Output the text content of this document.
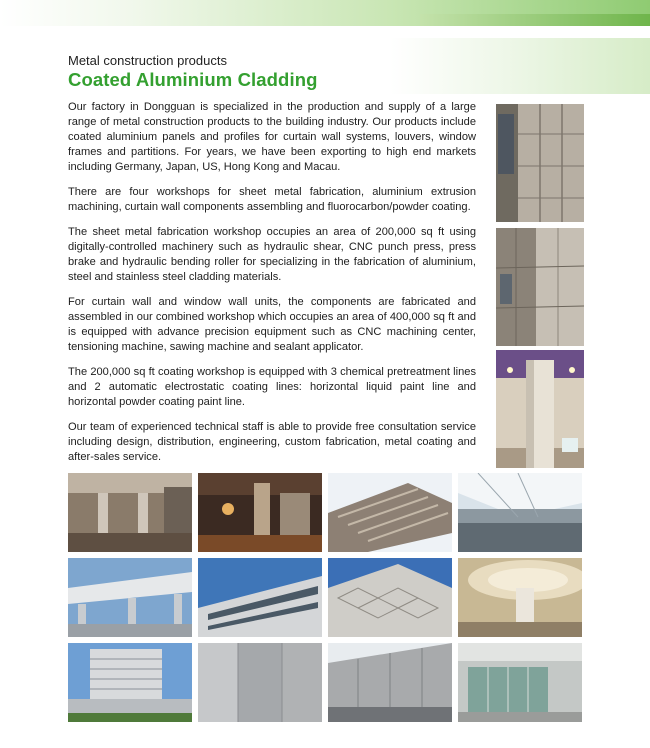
Metal construction products
Coated Aluminium Cladding

Our factory in Dongguan is specialized in the production and supply of a large range of metal construction products to the building industry. Our products include coated aluminium panels and profiles for curtain wall systems, louvers, window frames and partitions. For years, we have been exporting to high end markets including Germany, Japan, US, Hong Kong and Macau.

There are four workshops for sheet metal fabrication, aluminium extrusion machining, curtain wall components assembling and fluorocarbon/powder coating.

The sheet metal fabrication workshop occupies an area of 200,000 sq ft using digitally-controlled machinery such as hydraulic shear, CNC punch press, press brake and hydraulic bending roller for specializing in the fabrication of aluminium, steel and stainless steel cladding materials.

For curtain wall and window wall units, the components are fabricated and assembled in our combined workshop which occupies an area of 400,000 sq ft and is equipped with advance precision equipment such as CNC machining center, tensioning machine, sawing machine and sealant applicator.

The 200,000 sq ft coating workshop is equipped with 3 chemical pretreatment lines and 2 automatic electrostatic coating lines: horizontal liquid paint line and horizontal powder coating paint line.

Our team of experienced technical staff is able to provide free consultation service including design, distribution, engineering, custom fabrication, metal coating and after-sales service.
